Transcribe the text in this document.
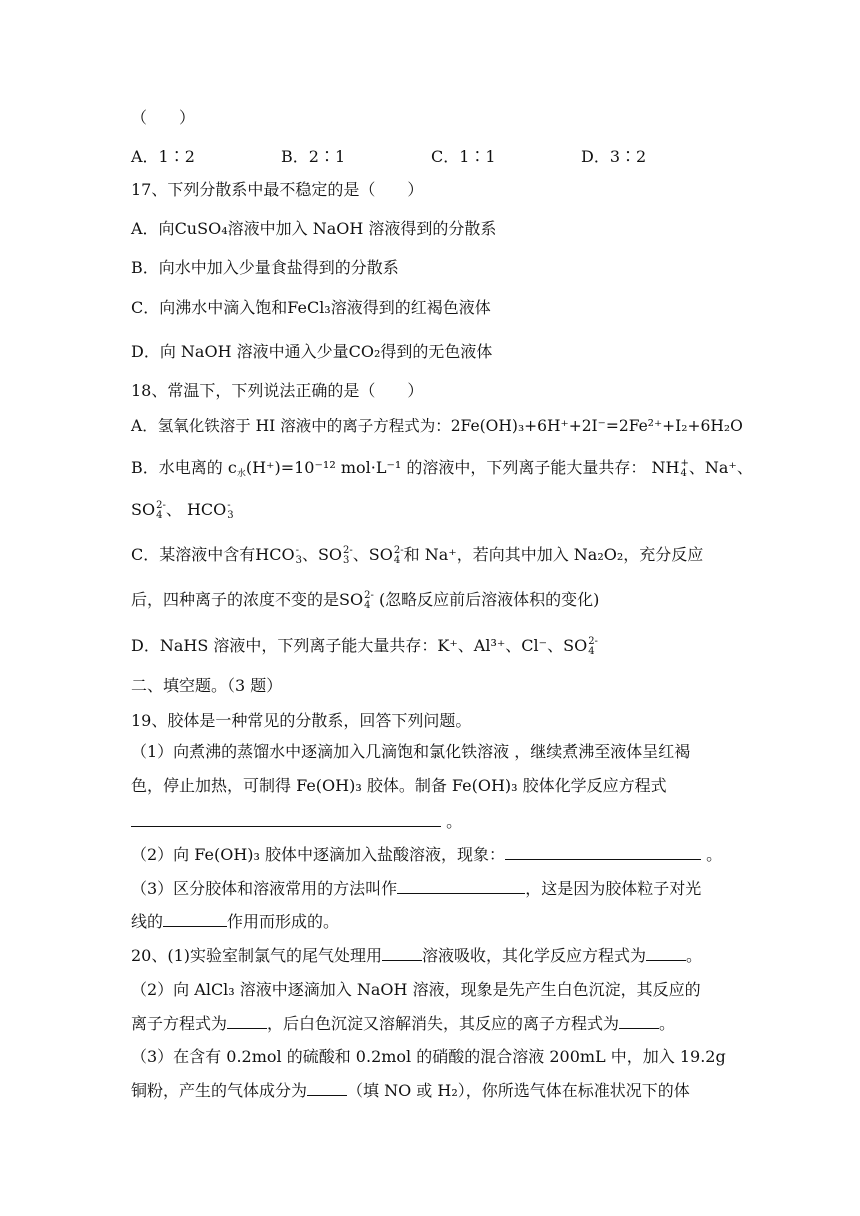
（　　）
A．1∶2	B．2∶1	C．1∶1	D．3∶2
17、下列分散系中最不稳定的是（　　）
A．向CuSO₄溶液中加入 NaOH 溶液得到的分散系
B．向水中加入少量食盐得到的分散系
C．向沸水中滴入饱和FeCl₃溶液得到的红褐色液体
D．向 NaOH 溶液中通入少量CO₂得到的无色液体
18、常温下，下列说法正确的是（　　）
A．氢氧化铁溶于 HI 溶液中的离子方程式为：2Fe(OH)₃+6H⁺+2I⁻=2Fe²⁺+I₂+6H₂O
B．水电离的 c水(H⁺)=10⁻¹² mol·L⁻¹ 的溶液中，下列离子能大量共存： NH +
4 、Na⁺、
SO 2-
4 、 HCO -
3
C．某溶液中含有HCO -
3 、SO 2-
3 、SO 2-
4 和 Na⁺，若向其中加入 Na₂O₂，充分反应
后，四种离子的浓度不变的是SO 2-
4 (忽略反应前后溶液体积的变化)
D．NaHS 溶液中，下列离子能大量共存：K⁺、Al³⁺、Cl⁻、SO 2-
4
二、填空题。（3 题）
19、胶体是一种常见的分散系，回答下列问题。
（1）向煮沸的蒸馏水中逐滴加入几滴饱和氯化铁溶液 ，继续煮沸至液体呈红褐
色，停止加热，可制得 Fe(OH)₃ 胶体。制备 Fe(OH)₃ 胶体化学反应方程式
。
（2）向 Fe(OH)₃ 胶体中逐滴加入盐酸溶液，现象：	。
（3）区分胶体和溶液常用的方法叫作	，这是因为胶体粒子对光
线的	作用而形成的。
20、(1)实验室制氯气的尾气处理用	溶液吸收，其化学反应方程式为	。
（2）向 AlCl₃ 溶液中逐滴加入 NaOH 溶液，现象是先产生白色沉淀，其反应的
离子方程式为	，后白色沉淀又溶解消失，其反应的离子方程式为	。
（3）在含有 0.2mol 的硫酸和 0.2mol 的硝酸的混合溶液 200mL 中，加入 19.2g
铜粉，产生的气体成分为	（填 NO 或 H₂），你所选气体在标准状况下的体
